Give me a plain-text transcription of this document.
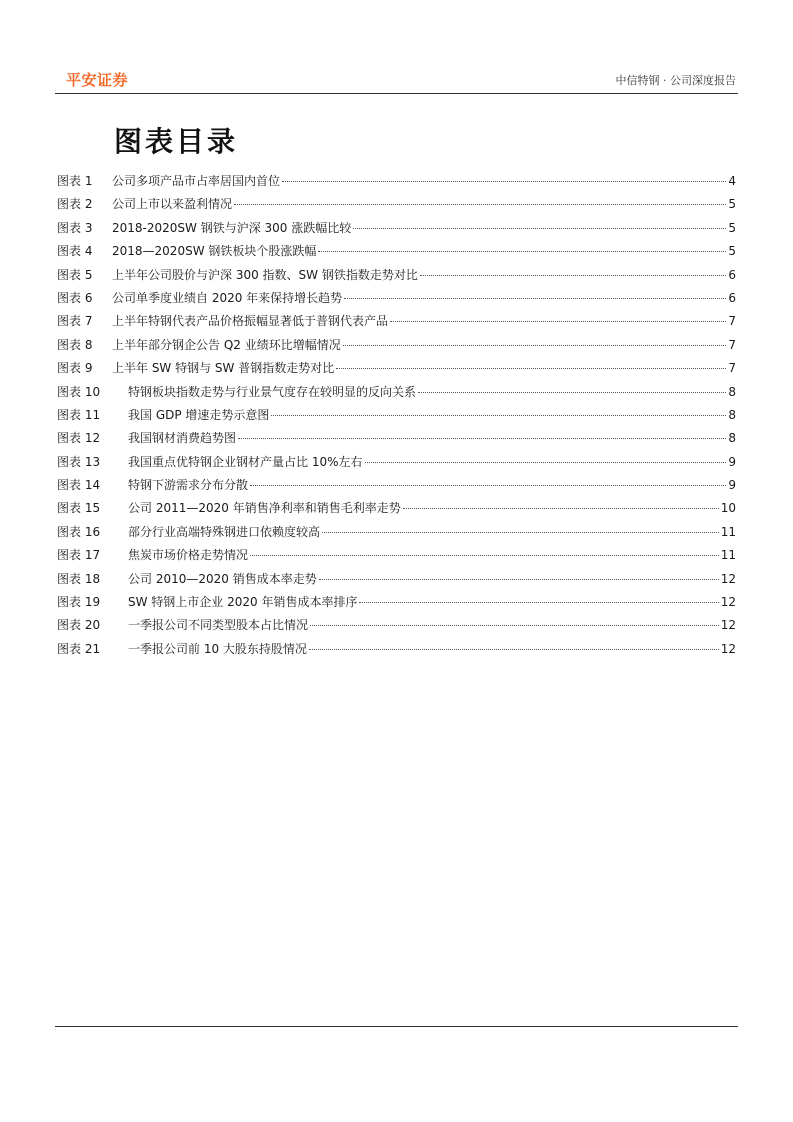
平安证券	中信特钢 · 公司深度报告
图表目录
图表 1	公司多项产品市占率居国内首位	4
图表 2	公司上市以来盈利情况	5
图表 3	2018-2020SW 钢铁与沪深 300 涨跌幅比较	5
图表 4	2018—2020SW 钢铁板块个股涨跌幅	5
图表 5	上半年公司股价与沪深 300 指数、SW 钢铁指数走势对比	6
图表 6	公司单季度业绩自 2020 年来保持增长趋势	6
图表 7	上半年特钢代表产品价格振幅显著低于普钢代表产品	7
图表 8	上半年部分钢企公告 Q2 业绩环比增幅情况	7
图表 9	上半年 SW 特钢与 SW 普钢指数走势对比	7
图表 10	特钢板块指数走势与行业景气度存在较明显的反向关系	8
图表 11	我国 GDP 增速走势示意图	8
图表 12	我国钢材消费趋势图	8
图表 13	我国重点优特钢企业钢材产量占比 10%左右	9
图表 14	特钢下游需求分布分散	9
图表 15	公司 2011—2020 年销售净利率和销售毛利率走势	10
图表 16	部分行业高端特殊钢进口依赖度较高	11
图表 17	焦炭市场价格走势情况	11
图表 18	公司 2010—2020 销售成本率走势	12
图表 19	SW 特钢上市企业 2020 年销售成本率排序	12
图表 20	一季报公司不同类型股本占比情况	12
图表 21	一季报公司前 10 大股东持股情况	12
